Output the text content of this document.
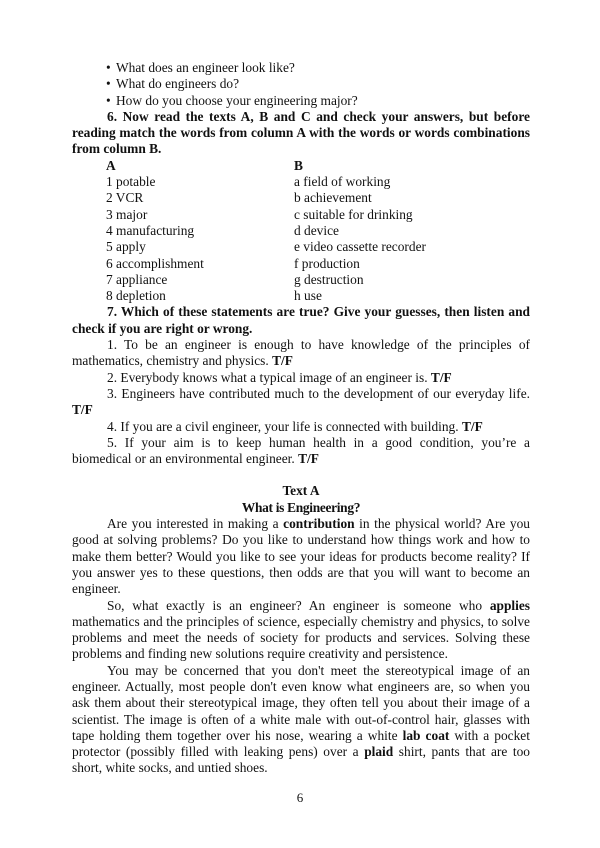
• What does an engineer look like?
• What do engineers do?
• How do you choose your engineering major?

6. Now read the texts A, B and C and check your answers, but before reading match the words from column A with the words or words combinations from column B.

A	B
1 potable	a field of working
2 VCR	b achievement
3 major	c suitable for drinking
4 manufacturing	d device
5 apply	e video cassette recorder
6 accomplishment	f production
7 appliance	g destruction
8 depletion	h use

7. Which of these statements are true? Give your guesses, then listen and check if you are right or wrong.

1. To be an engineer is enough to have knowledge of the principles of mathematics, chemistry and physics. T/F

2. Everybody knows what a typical image of an engineer is. T/F

3. Engineers have contributed much to the development of our everyday life. T/F

4. If you are a civil engineer, your life is connected with building. T/F

5. If your aim is to keep human health in a good condition, you’re a biomedical or an environmental engineer. T/F

Text A

What is Engineering?

Are you interested in making a contribution in the physical world? Are you good at solving problems? Do you like to understand how things work and how to make them better? Would you like to see your ideas for products become reality? If you answer yes to these questions, then odds are that you will want to become an engineer.

So, what exactly is an engineer? An engineer is someone who applies mathematics and the principles of science, especially chemistry and physics, to solve problems and meet the needs of society for products and services. Solving these problems and finding new solutions require creativity and persistence.

You may be concerned that you don't meet the stereotypical image of an engineer. Actually, most people don't even know what engineers are, so when you ask them about their stereotypical image, they often tell you about their image of a scientist. The image is often of a white male with out-of-control hair, glasses with tape holding them together over his nose, wearing a white lab coat with a pocket protector (possibly filled with leaking pens) over a plaid shirt, pants that are too short, white socks, and untied shoes.

6
